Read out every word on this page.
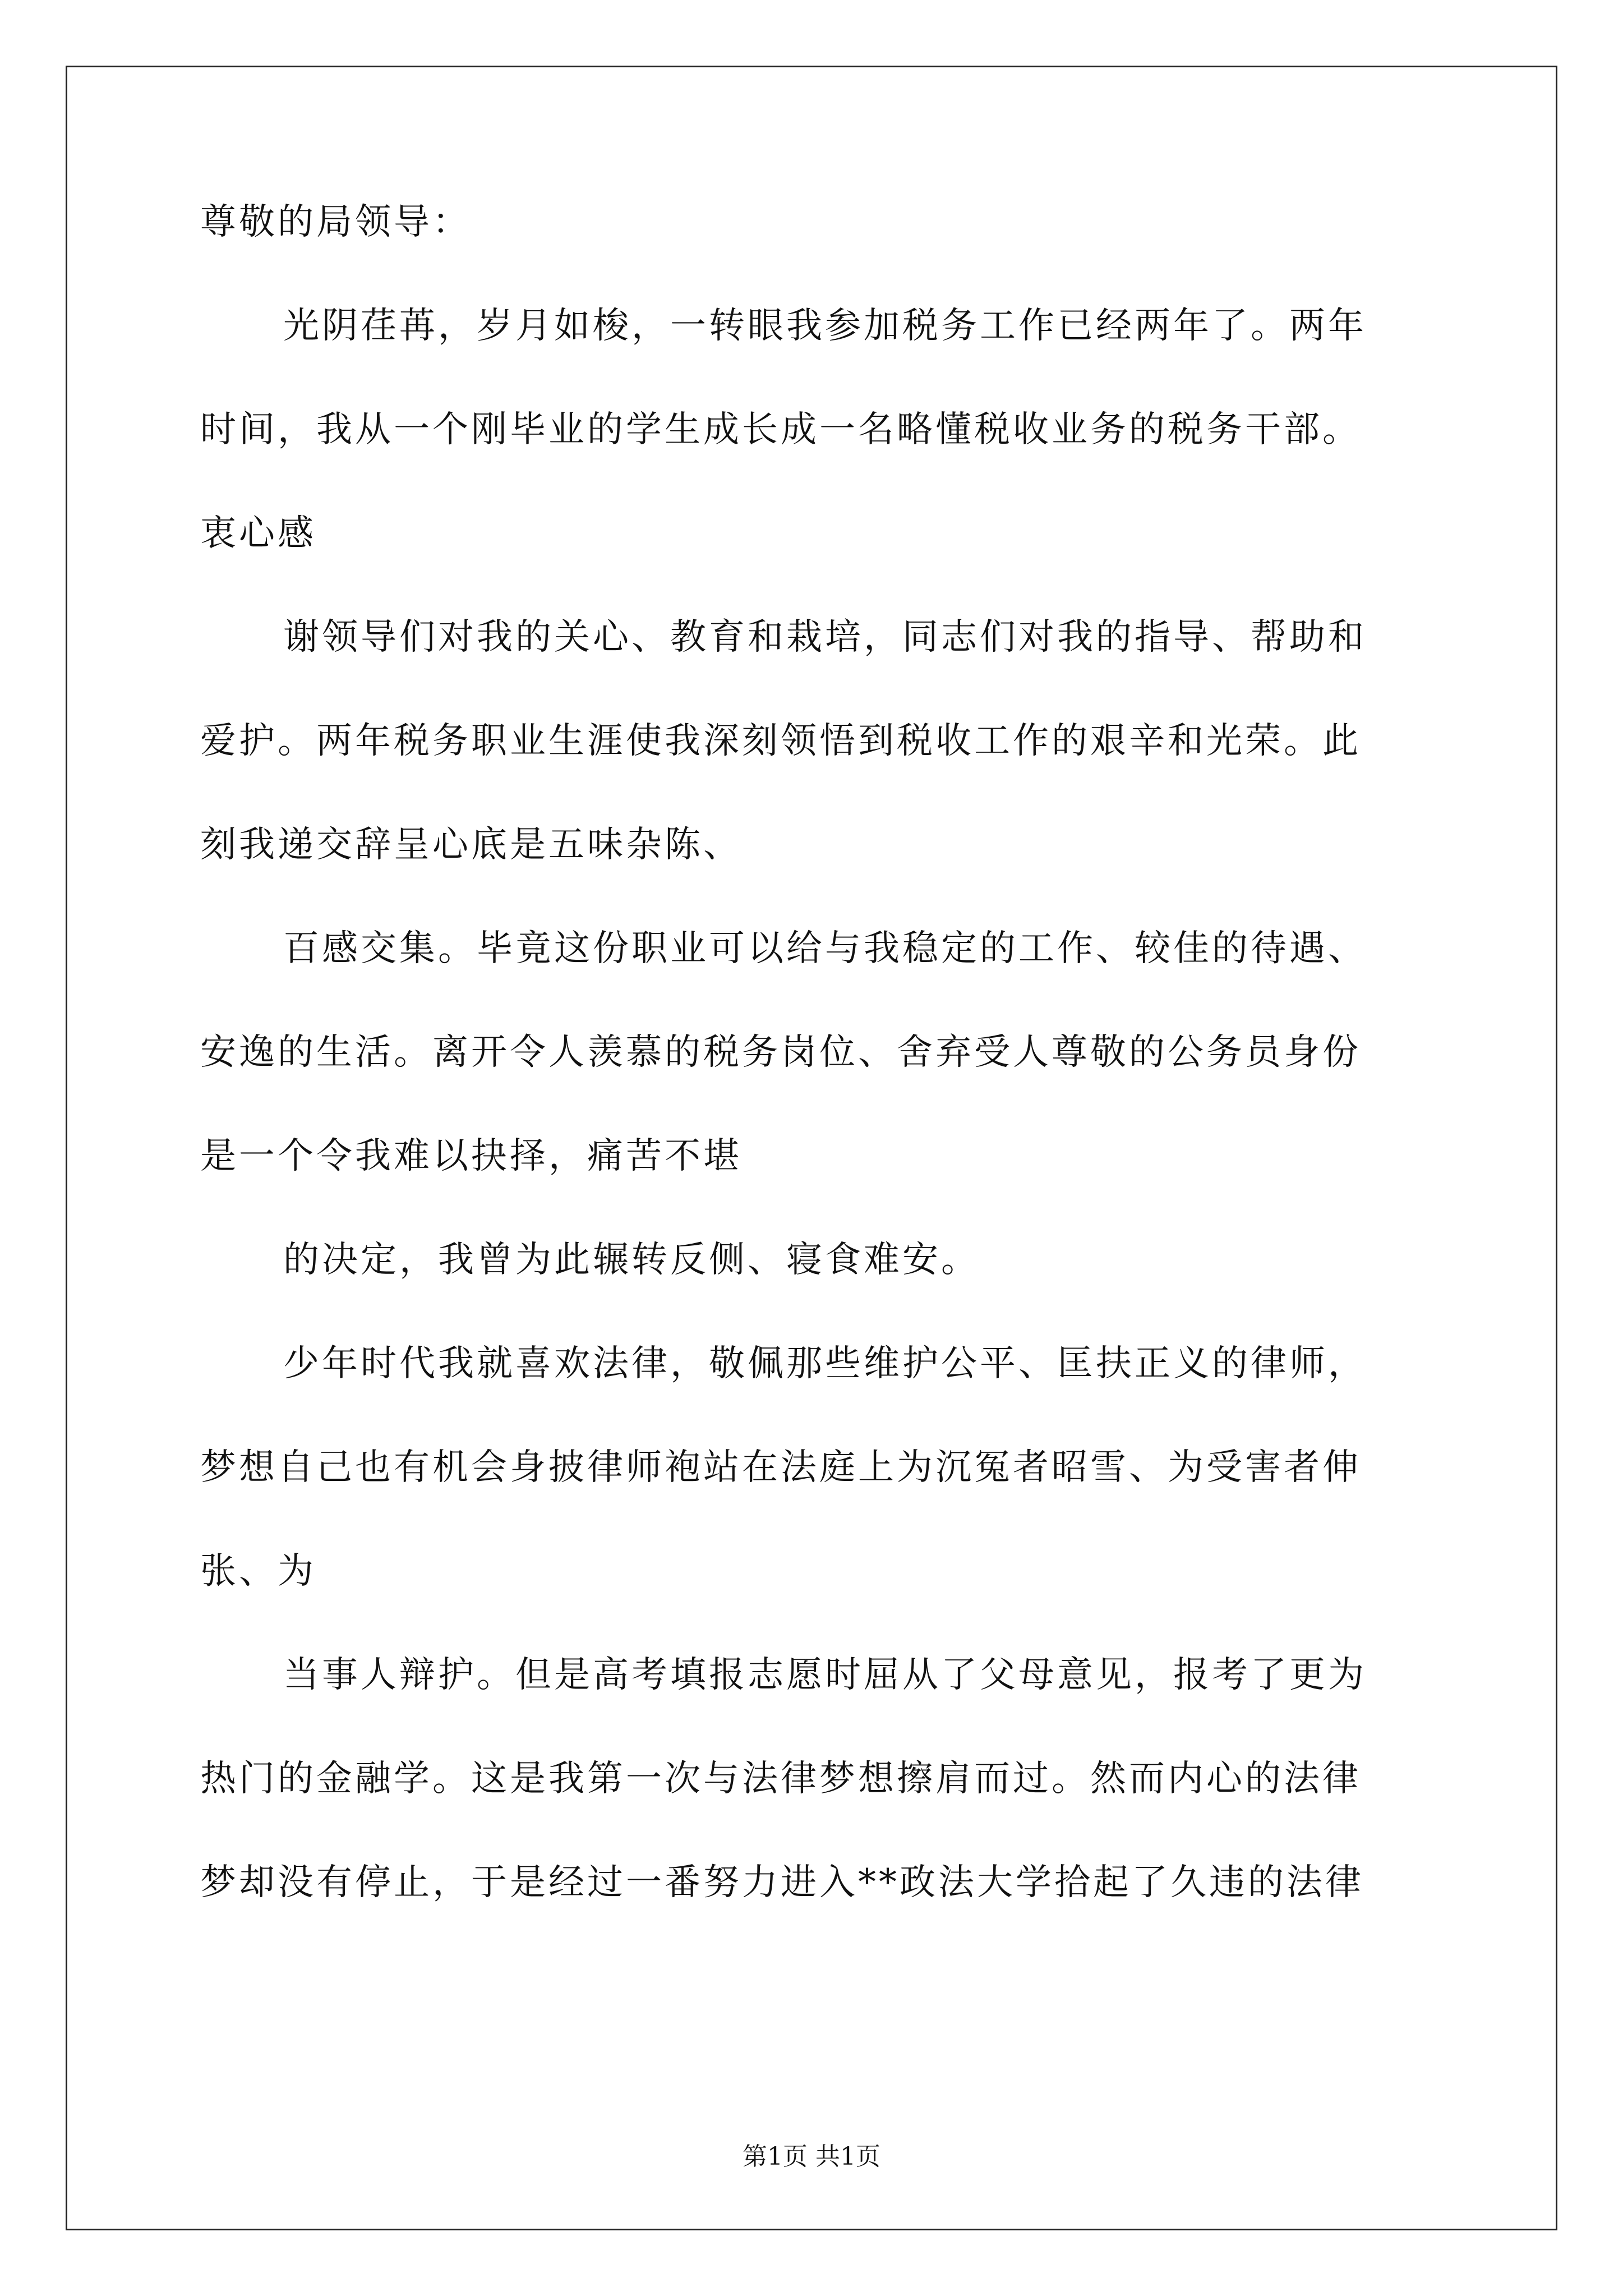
尊敬的局领导：
光阴荏苒，岁月如梭，一转眼我参加税务工作已经两年了。两年
时间，我从一个刚毕业的学生成长成一名略懂税收业务的税务干部。
衷心感
谢领导们对我的关心、教育和栽培，同志们对我的指导、帮助和
爱护。两年税务职业生涯使我深刻领悟到税收工作的艰辛和光荣。此
刻我递交辞呈心底是五味杂陈、
百感交集。毕竟这份职业可以给与我稳定的工作、较佳的待遇、
安逸的生活。离开令人羡慕的税务岗位、舍弃受人尊敬的公务员身份
是一个令我难以抉择，痛苦不堪
的决定，我曾为此辗转反侧、寝食难安。
少年时代我就喜欢法律，敬佩那些维护公平、匡扶正义的律师，
梦想自己也有机会身披律师袍站在法庭上为沉冤者昭雪、为受害者伸
张、为
当事人辩护。但是高考填报志愿时屈从了父母意见，报考了更为
热门的金融学。这是我第一次与法律梦想擦肩而过。然而内心的法律
梦却没有停止，于是经过一番努力进入**政法大学拾起了久违的法律
第1页 共1页
